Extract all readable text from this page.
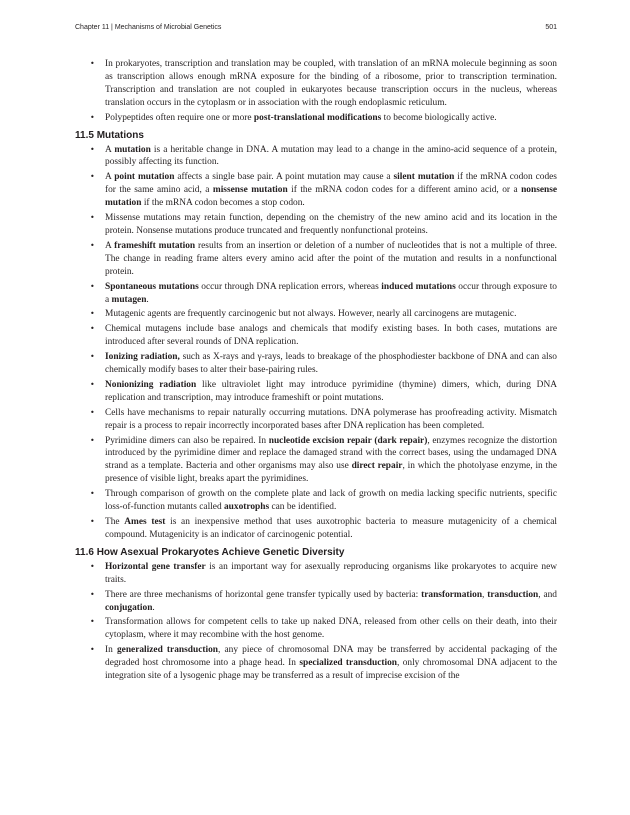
Chapter 11 | Mechanisms of Microbial Genetics	501
• In prokaryotes, transcription and translation may be coupled, with translation of an mRNA molecule beginning as soon as transcription allows enough mRNA exposure for the binding of a ribosome, prior to transcription termination. Transcription and translation are not coupled in eukaryotes because transcription occurs in the nucleus, whereas translation occurs in the cytoplasm or in association with the rough endoplasmic reticulum.
• Polypeptides often require one or more post-translational modifications to become biologically active.
11.5 Mutations
• A mutation is a heritable change in DNA. A mutation may lead to a change in the amino-acid sequence of a protein, possibly affecting its function.
• A point mutation affects a single base pair. A point mutation may cause a silent mutation if the mRNA codon codes for the same amino acid, a missense mutation if the mRNA codon codes for a different amino acid, or a nonsense mutation if the mRNA codon becomes a stop codon.
• Missense mutations may retain function, depending on the chemistry of the new amino acid and its location in the protein. Nonsense mutations produce truncated and frequently nonfunctional proteins.
• A frameshift mutation results from an insertion or deletion of a number of nucleotides that is not a multiple of three. The change in reading frame alters every amino acid after the point of the mutation and results in a nonfunctional protein.
• Spontaneous mutations occur through DNA replication errors, whereas induced mutations occur through exposure to a mutagen.
• Mutagenic agents are frequently carcinogenic but not always. However, nearly all carcinogens are mutagenic.
• Chemical mutagens include base analogs and chemicals that modify existing bases. In both cases, mutations are introduced after several rounds of DNA replication.
• Ionizing radiation, such as X-rays and γ-rays, leads to breakage of the phosphodiester backbone of DNA and can also chemically modify bases to alter their base-pairing rules.
• Nonionizing radiation like ultraviolet light may introduce pyrimidine (thymine) dimers, which, during DNA replication and transcription, may introduce frameshift or point mutations.
• Cells have mechanisms to repair naturally occurring mutations. DNA polymerase has proofreading activity. Mismatch repair is a process to repair incorrectly incorporated bases after DNA replication has been completed.
• Pyrimidine dimers can also be repaired. In nucleotide excision repair (dark repair), enzymes recognize the distortion introduced by the pyrimidine dimer and replace the damaged strand with the correct bases, using the undamaged DNA strand as a template. Bacteria and other organisms may also use direct repair, in which the photolyase enzyme, in the presence of visible light, breaks apart the pyrimidines.
• Through comparison of growth on the complete plate and lack of growth on media lacking specific nutrients, specific loss-of-function mutants called auxotrophs can be identified.
• The Ames test is an inexpensive method that uses auxotrophic bacteria to measure mutagenicity of a chemical compound. Mutagenicity is an indicator of carcinogenic potential.
11.6 How Asexual Prokaryotes Achieve Genetic Diversity
• Horizontal gene transfer is an important way for asexually reproducing organisms like prokaryotes to acquire new traits.
• There are three mechanisms of horizontal gene transfer typically used by bacteria: transformation, transduction, and conjugation.
• Transformation allows for competent cells to take up naked DNA, released from other cells on their death, into their cytoplasm, where it may recombine with the host genome.
• In generalized transduction, any piece of chromosomal DNA may be transferred by accidental packaging of the degraded host chromosome into a phage head. In specialized transduction, only chromosomal DNA adjacent to the integration site of a lysogenic phage may be transferred as a result of imprecise excision of the
